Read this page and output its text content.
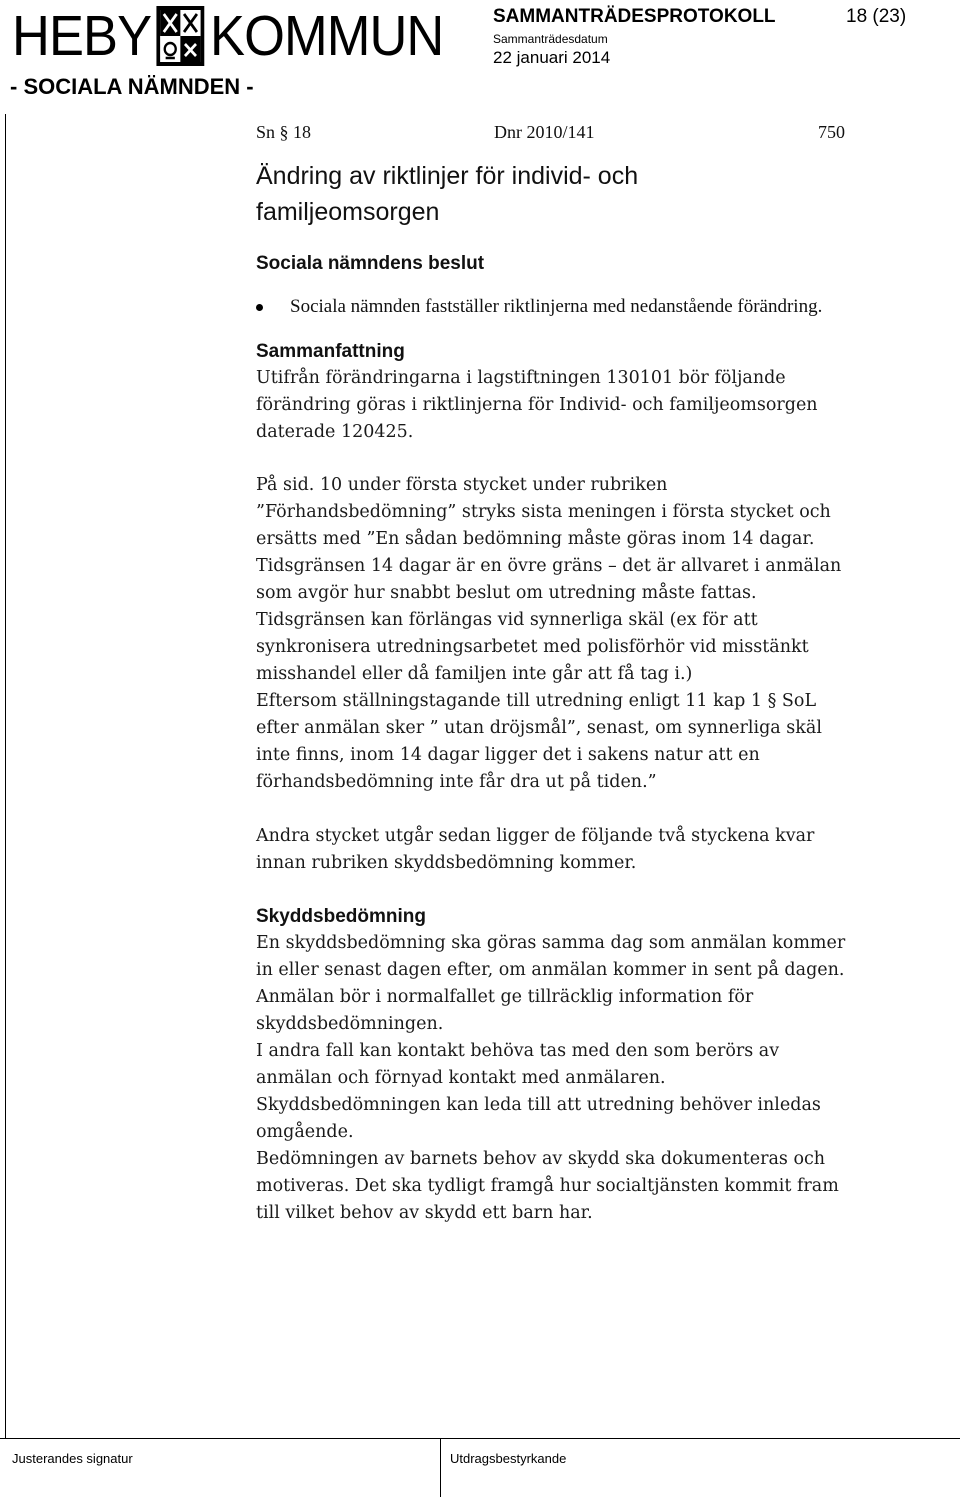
HEBY KOMMUN
- SOCIALA NÄMNDEN -
SAMMANTRÄDESPROTOKOLL	18 (23)
Sammanträdesdatum
22 januari 2014
Sn § 18	Dnr 2010/141	750
Ändring av riktlinjer för individ- och familjeomsorgen
Sociala nämndens beslut
Sociala nämnden fastställer riktlinjerna med nedanstående förändring.
Sammanfattning

Utifrån förändringarna i lagstiftningen 130101 bör följande
förändring göras i riktlinjerna för Individ- och familjeomsorgen
daterade 120425.

På sid. 10 under första stycket under rubriken
”Förhandsbedömning” stryks sista meningen i första stycket och
ersätts med ”En sådan bedömning måste göras inom 14 dagar.
Tidsgränsen 14 dagar är en övre gräns – det är allvaret i anmälan
som avgör hur snabbt beslut om utredning måste fattas.
Tidsgränsen kan förlängas vid synnerliga skäl (ex för att
synkronisera utredningsarbetet med polisförhör vid misstänkt
misshandel eller då familjen inte går att få tag i.)
Eftersom ställningstagande till utredning enligt 11 kap 1 § SoL
efter anmälan sker ” utan dröjsmål”, senast, om synnerliga skäl
inte finns, inom 14 dagar ligger det i sakens natur att en
förhandsbedömning inte får dra ut på tiden.”

Andra stycket utgår sedan ligger de följande två styckena kvar
innan rubriken skyddsbedömning kommer.

Skyddsbedömning

En skyddsbedömning ska göras samma dag som anmälan kommer
in eller senast dagen efter, om anmälan kommer in sent på dagen.
Anmälan bör i normalfallet ge tillräcklig information för
skyddsbedömningen.
I andra fall kan kontakt behöva tas med den som berörs av
anmälan och förnyad kontakt med anmälaren.
Skyddsbedömningen kan leda till att utredning behöver inledas
omgående.
Bedömningen av barnets behov av skydd ska dokumenteras och
motiveras. Det ska tydligt framgå hur socialtjänsten kommit fram
till vilket behov av skydd ett barn har.

Justerandes signatur	Utdragsbestyrkande
